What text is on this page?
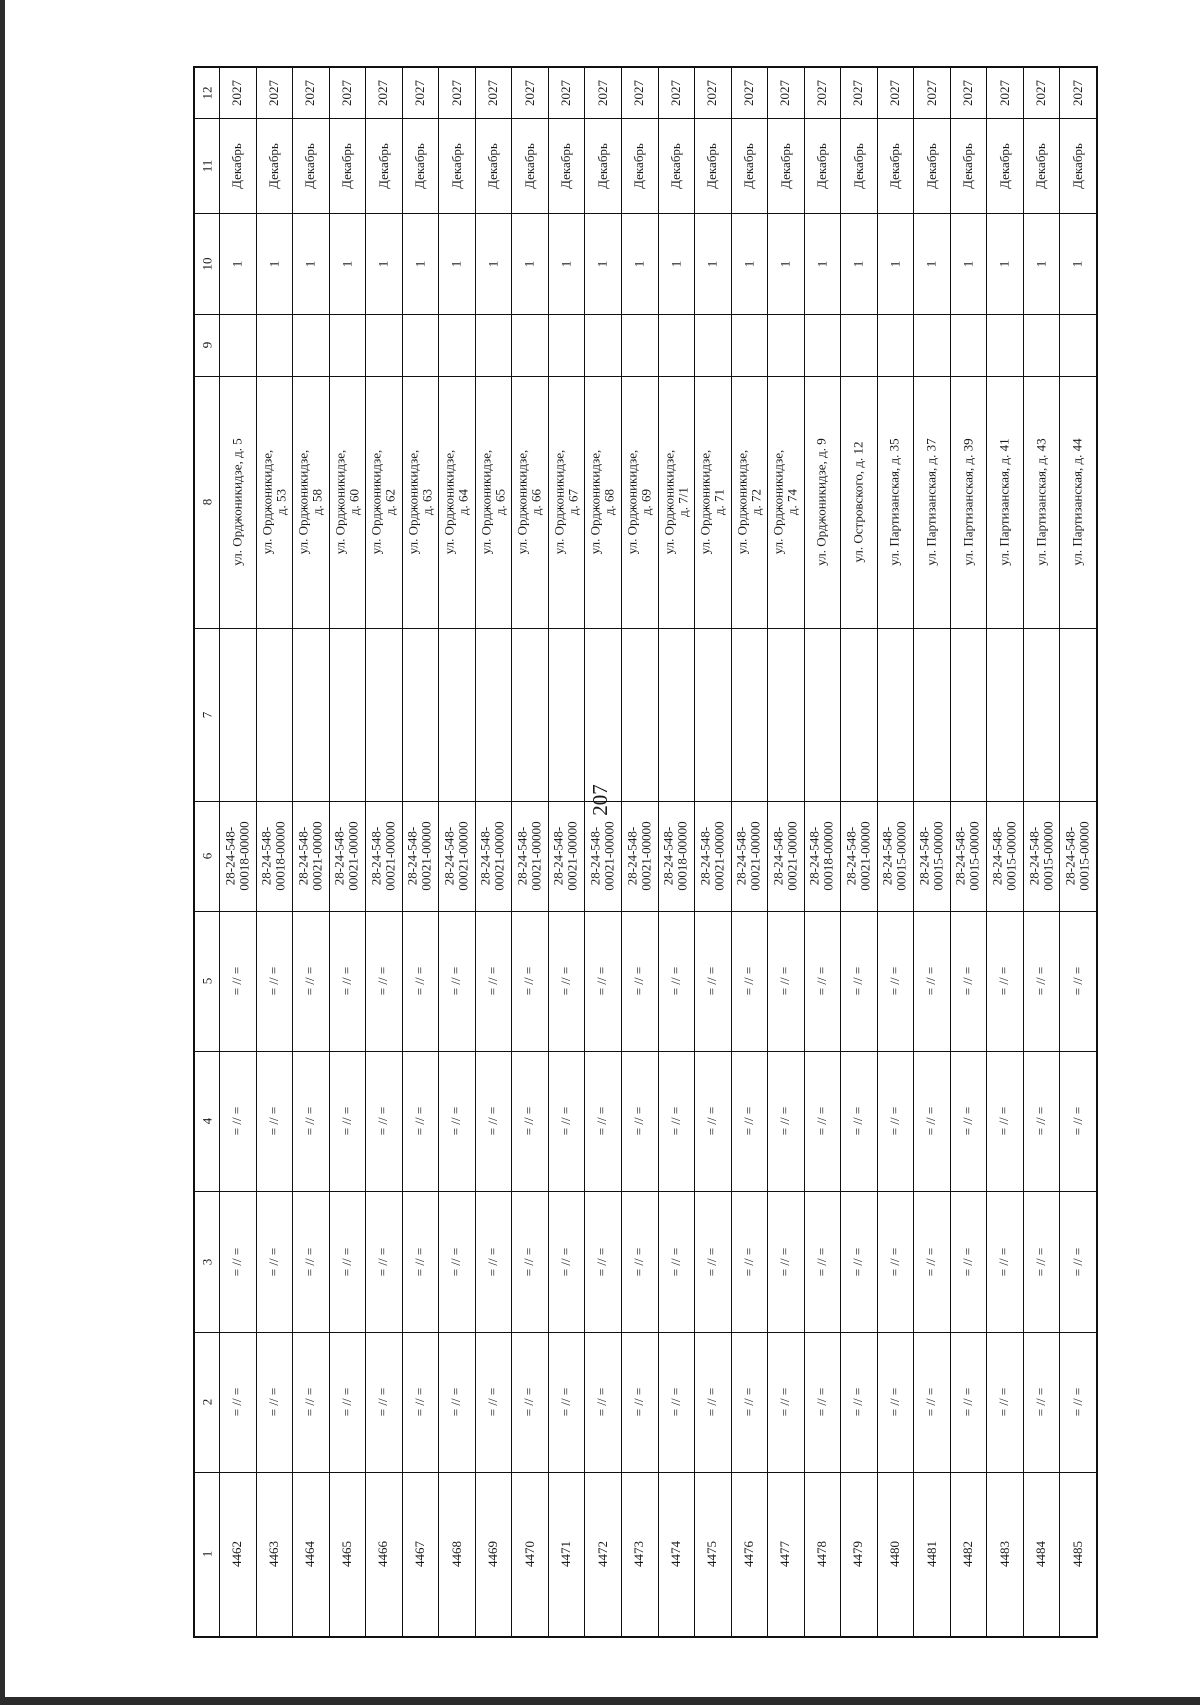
207
12
11
10
9
8
7
6
5
4
3
2
1
2027
Декабрь
1
ул. Орджоникидзе, д. 5
28-24-548- 00018-00000
= // =
= // =
= // =
= // =
4462
2027
Декабрь
1
ул. Орджоникидзе, д. 53
28-24-548- 00018-00000
= // =
= // =
= // =
= // =
4463
2027
Декабрь
1
ул. Орджоникидзе, д. 58
28-24-548- 00021-00000
= // =
= // =
= // =
= // =
4464
2027
Декабрь
1
ул. Орджоникидзе, д. 60
28-24-548- 00021-00000
= // =
= // =
= // =
= // =
4465
2027
Декабрь
1
ул. Орджоникидзе, д. 62
28-24-548- 00021-00000
= // =
= // =
= // =
= // =
4466
2027
Декабрь
1
ул. Орджоникидзе, д. 63
28-24-548- 00021-00000
= // =
= // =
= // =
= // =
4467
2027
Декабрь
1
ул. Орджоникидзе, д. 64
28-24-548- 00021-00000
= // =
= // =
= // =
= // =
4468
2027
Декабрь
1
ул. Орджоникидзе, д. 65
28-24-548- 00021-00000
= // =
= // =
= // =
= // =
4469
2027
Декабрь
1
ул. Орджоникидзе, д. 66
28-24-548- 00021-00000
= // =
= // =
= // =
= // =
4470
2027
Декабрь
1
ул. Орджоникидзе, д. 67
28-24-548- 00021-00000
= // =
= // =
= // =
= // =
4471
2027
Декабрь
1
ул. Орджоникидзе, д. 68
28-24-548- 00021-00000
= // =
= // =
= // =
= // =
4472
2027
Декабрь
1
ул. Орджоникидзе, д. 69
28-24-548- 00021-00000
= // =
= // =
= // =
= // =
4473
2027
Декабрь
1
ул. Орджоникидзе, д. 7/1
28-24-548- 00018-00000
= // =
= // =
= // =
= // =
4474
2027
Декабрь
1
ул. Орджоникидзе, д. 71
28-24-548- 00021-00000
= // =
= // =
= // =
= // =
4475
2027
Декабрь
1
ул. Орджоникидзе, д. 72
28-24-548- 00021-00000
= // =
= // =
= // =
= // =
4476
2027
Декабрь
1
ул. Орджоникидзе, д. 74
28-24-548- 00021-00000
= // =
= // =
= // =
= // =
4477
2027
Декабрь
1
ул. Орджоникидзе, д. 9
28-24-548- 00018-00000
= // =
= // =
= // =
= // =
4478
2027
Декабрь
1
ул. Островского, д. 12
28-24-548- 00021-00000
= // =
= // =
= // =
= // =
4479
2027
Декабрь
1
ул. Партизанская, д. 35
28-24-548- 00015-00000
= // =
= // =
= // =
= // =
4480
2027
Декабрь
1
ул. Партизанская, д. 37
28-24-548- 00015-00000
= // =
= // =
= // =
= // =
4481
2027
Декабрь
1
ул. Партизанская, д. 39
28-24-548- 00015-00000
= // =
= // =
= // =
= // =
4482
2027
Декабрь
1
ул. Партизанская, д. 41
28-24-548- 00015-00000
= // =
= // =
= // =
= // =
4483
2027
Декабрь
1
ул. Партизанская, д. 43
28-24-548- 00015-00000
= // =
= // =
= // =
= // =
4484
2027
Декабрь
1
ул. Партизанская, д. 44
28-24-548- 00015-00000
= // =
= // =
= // =
= // =
4485
